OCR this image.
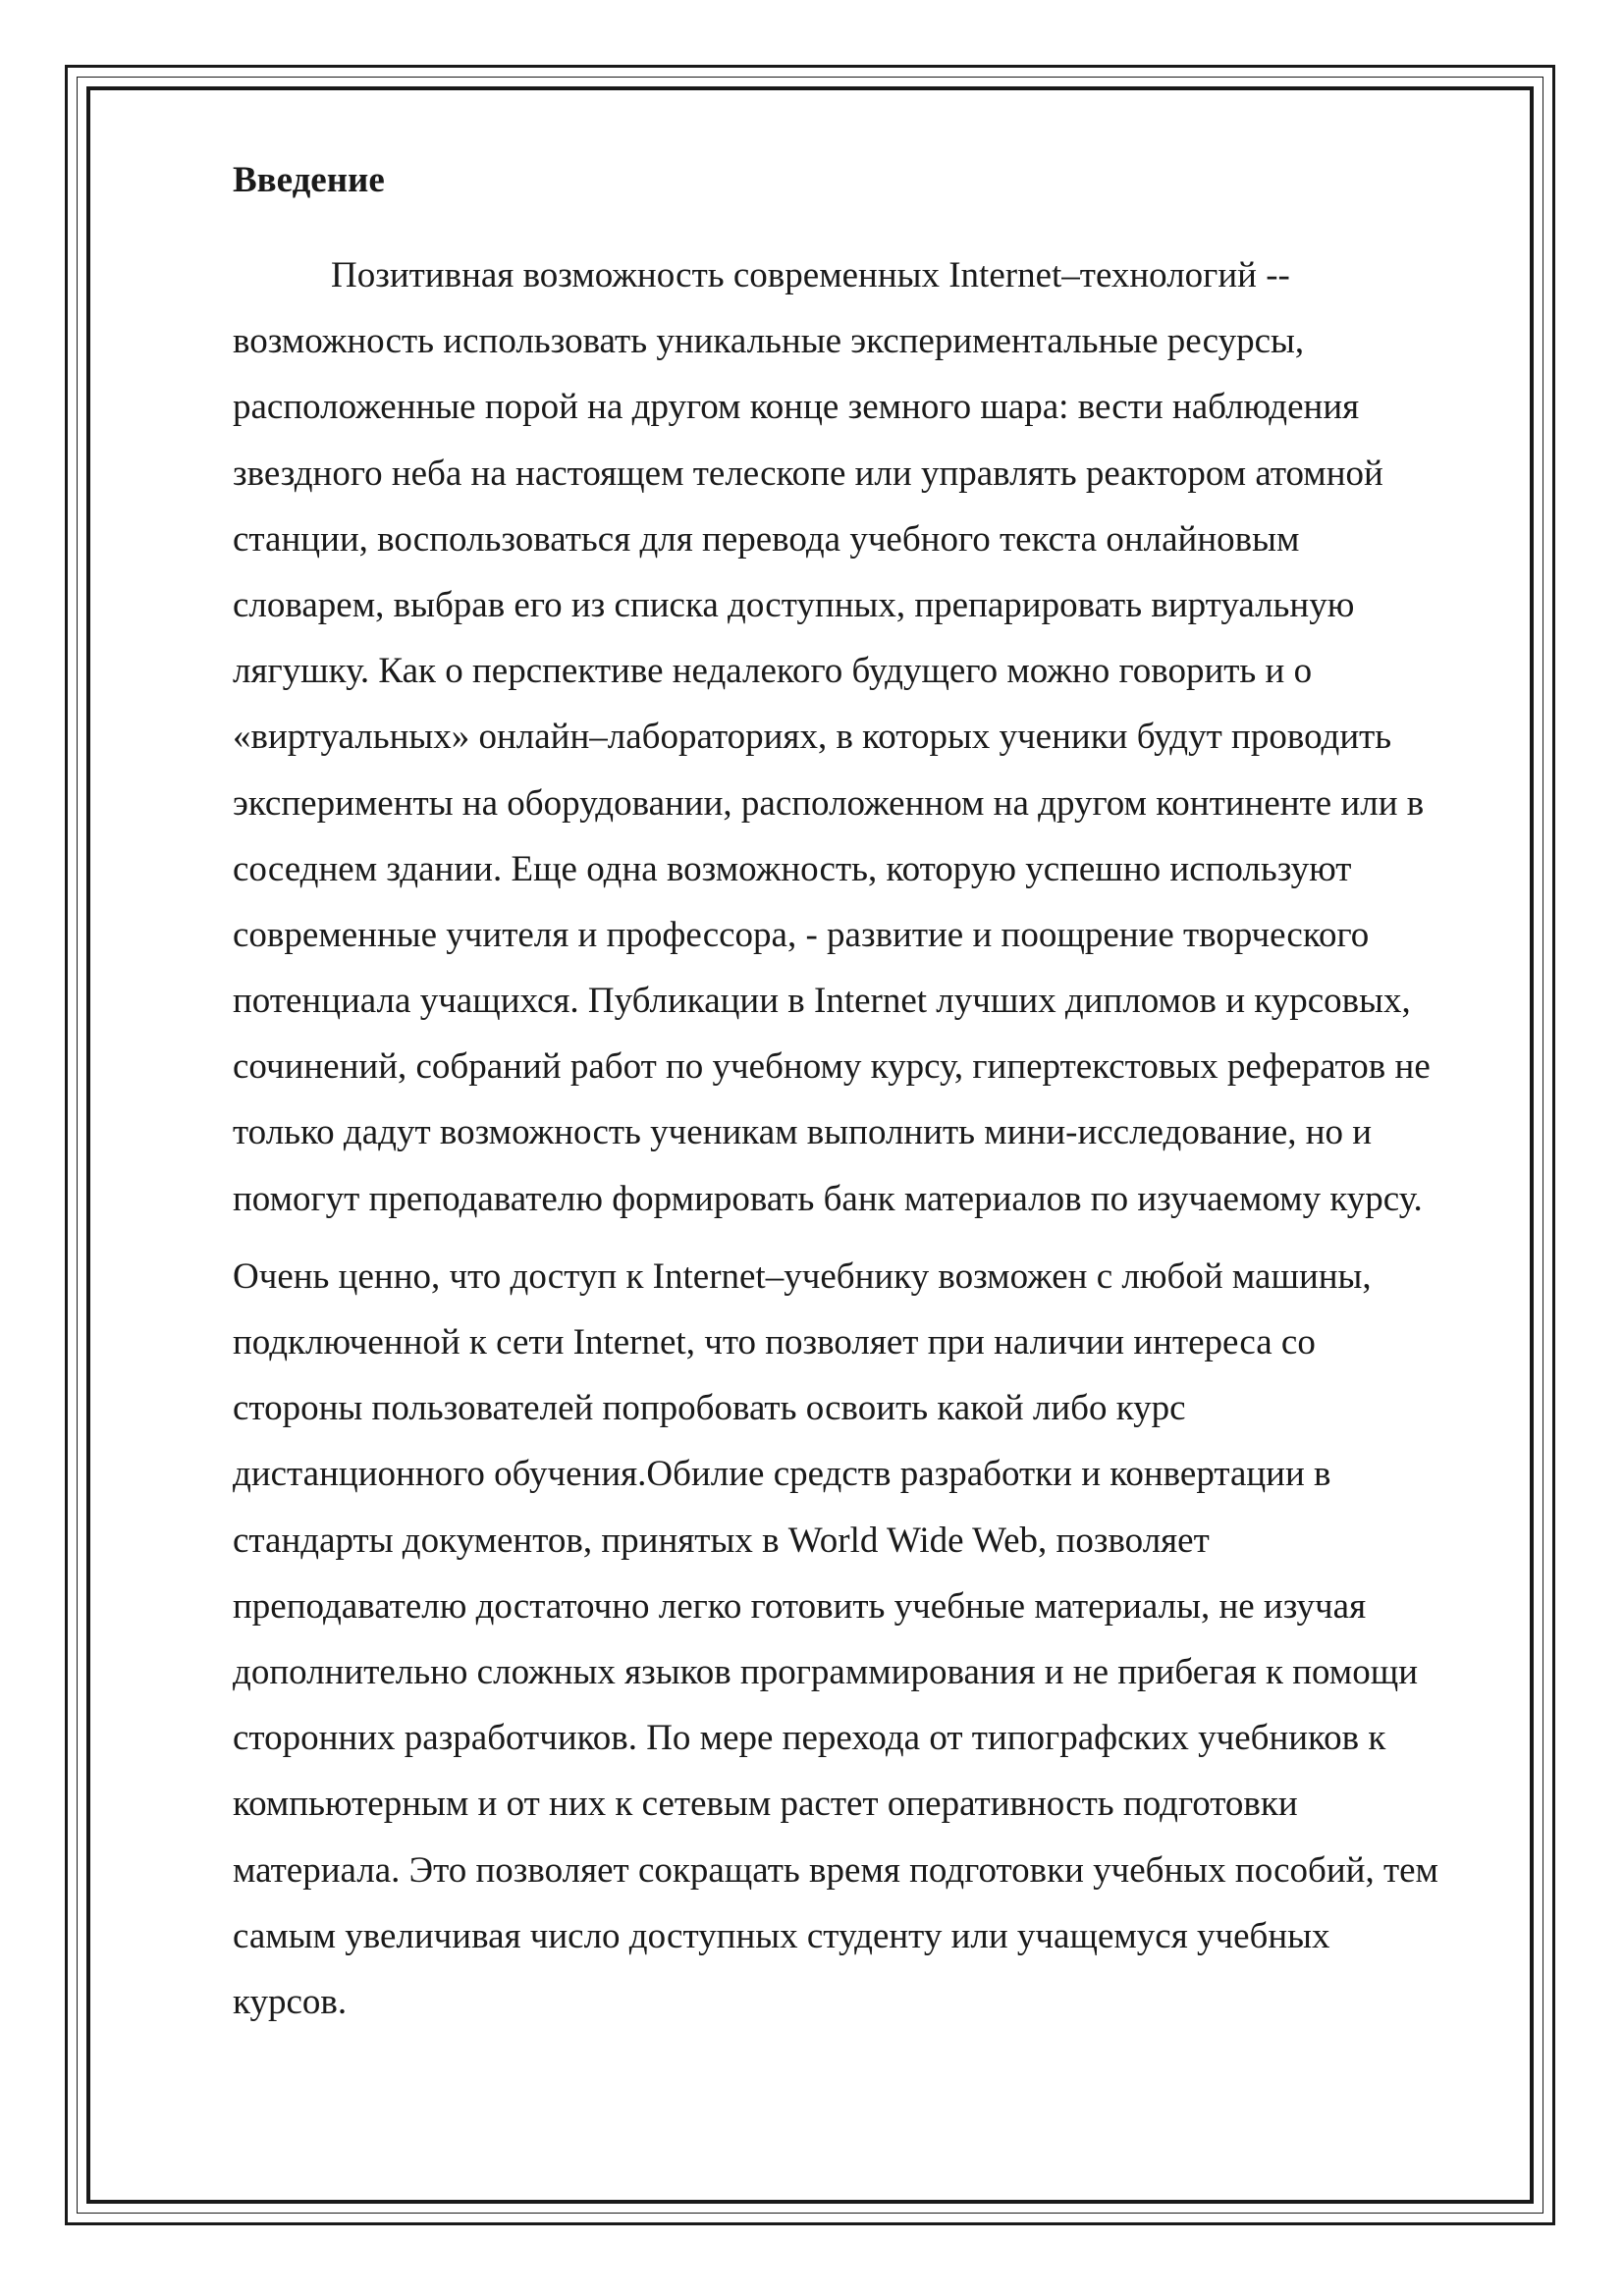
Введение

Позитивная возможность современных Internet–технологий --
возможность использовать уникальные экспериментальные ресурсы,
расположенные порой на другом конце земного шара: вести наблюдения
звездного неба на настоящем телескопе или управлять реактором атомной
станции, воспользоваться для перевода учебного текста онлайновым
словарем, выбрав его из списка доступных, препарировать виртуальную
лягушку. Как о перспективе недалекого будущего можно говорить и о
«виртуальных» онлайн–лабораториях, в которых ученики будут проводить
эксперименты на оборудовании, расположенном на другом континенте или в
соседнем здании. Еще одна возможность, которую успешно используют
современные учителя и профессора, - развитие и поощрение творческого
потенциала учащихся. Публикации в Internet лучших дипломов и курсовых,
сочинений, собраний работ по учебному курсу, гипертекстовых рефератов не
только дадут возможность ученикам выполнить мини-исследование, но и
помогут преподавателю формировать банк материалов по изучаемому курсу.

Очень ценно, что доступ к Internet–учебнику возможен с любой машины,
подключенной к сети Internet, что позволяет при наличии интереса со
стороны пользователей попробовать освоить какой либо курс
дистанционного обучения.Обилие средств разработки и конвертации в
стандарты документов, принятых в World Wide Web, позволяет
преподавателю достаточно легко готовить учебные материалы, не изучая
дополнительно сложных языков программирования и не прибегая к помощи
сторонних разработчиков. По мере перехода от типографских учебников к
компьютерным и от них к сетевым растет оперативность подготовки
материала. Это позволяет сокращать время подготовки учебных пособий, тем
самым увеличивая число доступных студенту или учащемуся учебных
курсов.
